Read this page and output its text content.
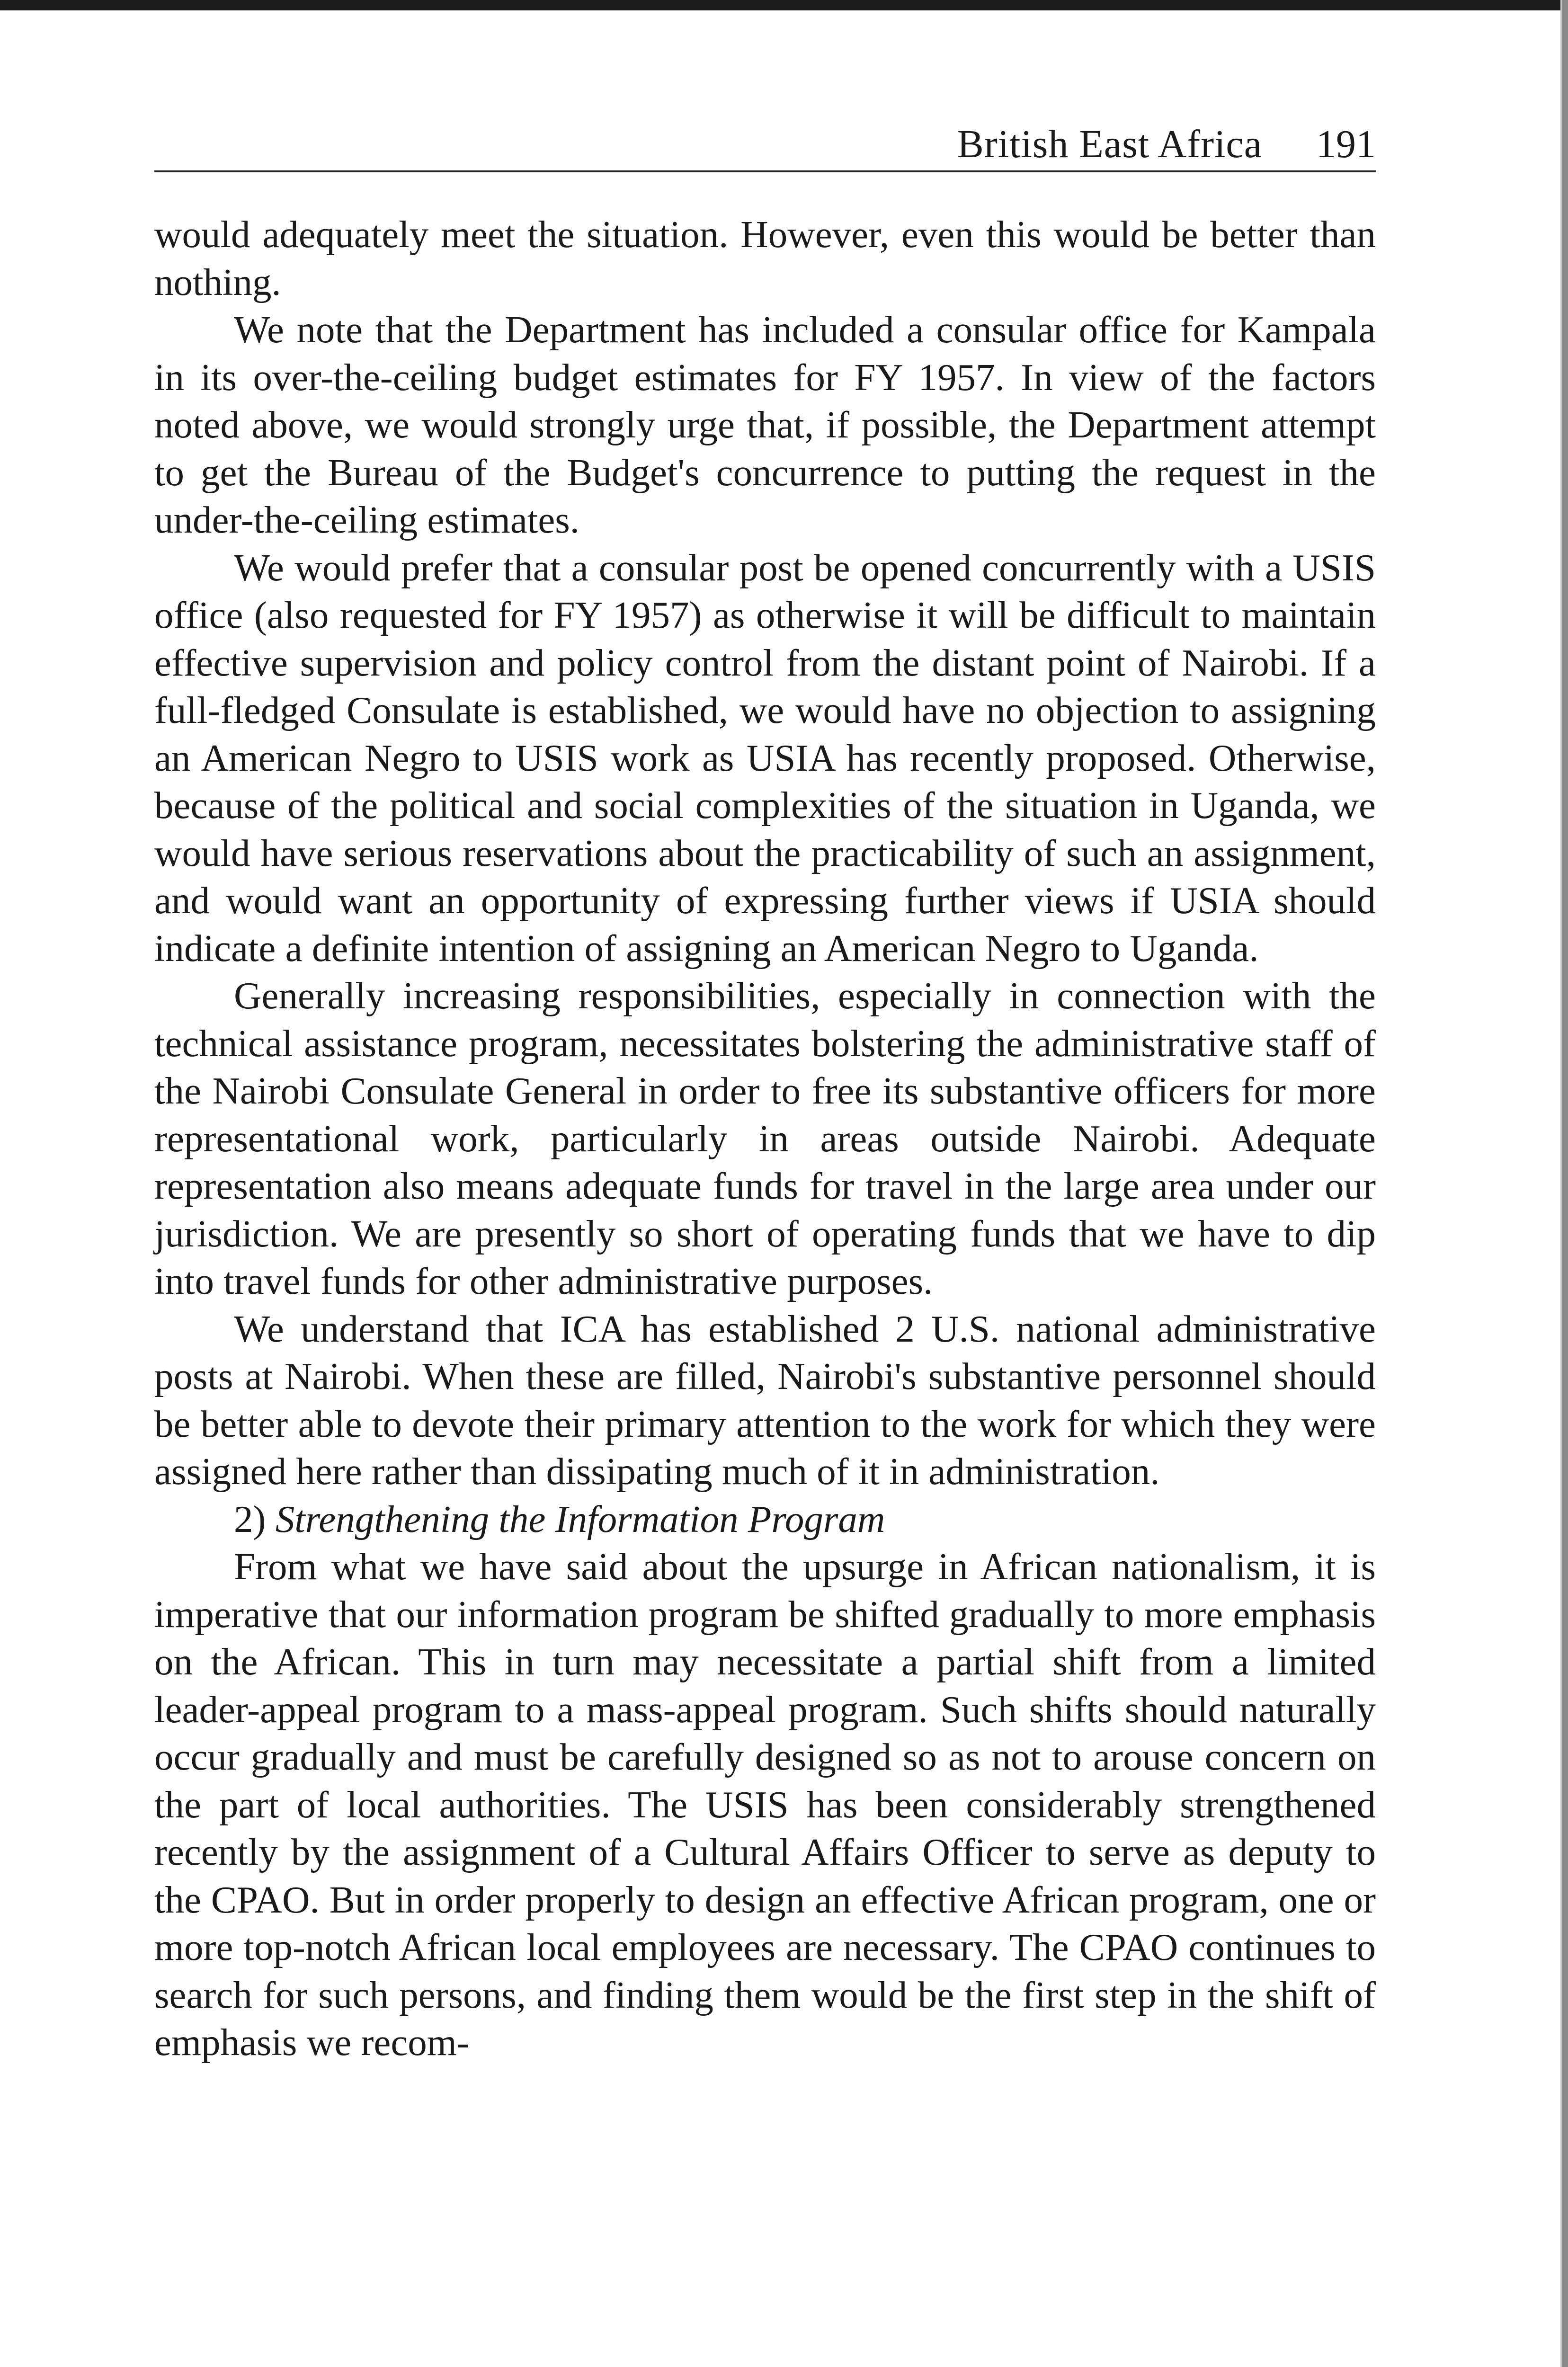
British East Africa 191

would adequately meet the situation. However, even this would be better than nothing.

We note that the Department has included a consular office for Kampala in its over-the-ceiling budget estimates for FY 1957. In view of the factors noted above, we would strongly urge that, if possible, the Department attempt to get the Bureau of the Budget's concurrence to putting the request in the under-the-ceiling estimates.

We would prefer that a consular post be opened concurrently with a USIS office (also requested for FY 1957) as otherwise it will be difficult to maintain effective supervision and policy control from the distant point of Nairobi. If a full-fledged Consulate is established, we would have no objection to assigning an American Negro to USIS work as USIA has recently proposed. Otherwise, because of the political and social complexities of the situation in Uganda, we would have serious reservations about the practicability of such an assignment, and would want an opportunity of expressing further views if USIA should indicate a definite intention of assigning an American Negro to Uganda.

Generally increasing responsibilities, especially in connection with the technical assistance program, necessitates bolstering the administrative staff of the Nairobi Consulate General in order to free its substantive officers for more representational work, particularly in areas outside Nairobi. Adequate representation also means adequate funds for travel in the large area under our jurisdiction. We are presently so short of operating funds that we have to dip into travel funds for other administrative purposes.

We understand that ICA has established 2 U.S. national administrative posts at Nairobi. When these are filled, Nairobi's substantive personnel should be better able to devote their primary attention to the work for which they were assigned here rather than dissipating much of it in administration.

2) Strengthening the Information Program

From what we have said about the upsurge in African nationalism, it is imperative that our information program be shifted gradually to more emphasis on the African. This in turn may necessitate a partial shift from a limited leader-appeal program to a mass-appeal program. Such shifts should naturally occur gradually and must be carefully designed so as not to arouse concern on the part of local authorities. The USIS has been considerably strengthened recently by the assignment of a Cultural Affairs Officer to serve as deputy to the CPAO. But in order properly to design an effective African program, one or more top-notch African local employees are necessary. The CPAO continues to search for such persons, and finding them would be the first step in the shift of emphasis we recom-
